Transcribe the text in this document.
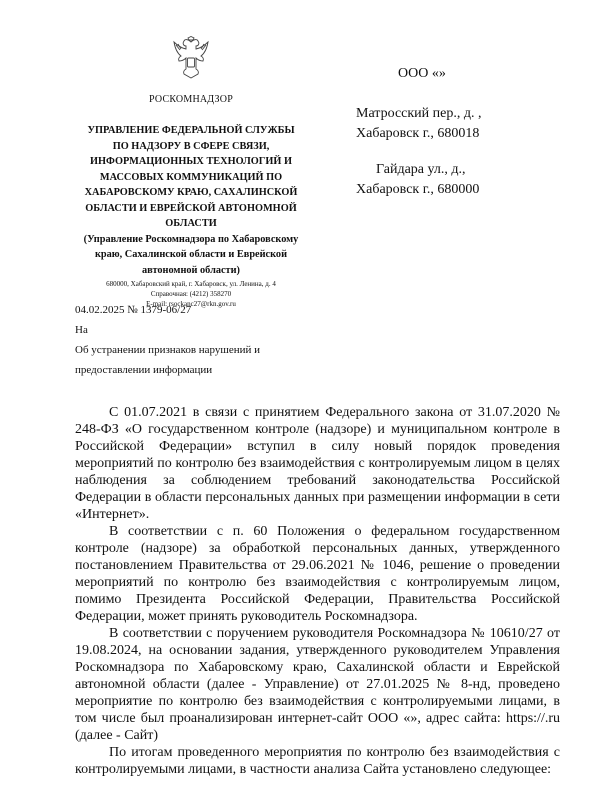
РОСКОМНАДЗОР
УПРАВЛЕНИЕ ФЕДЕРАЛЬНОЙ СЛУЖБЫ
ПО НАДЗОРУ В СФЕРЕ СВЯЗИ,
ИНФОРМАЦИОННЫХ ТЕХНОЛОГИЙ И
МАССОВЫХ КОММУНИКАЦИЙ ПО
ХАБАРОВСКОМУ КРАЮ, САХАЛИНСКОЙ
ОБЛАСТИ И ЕВРЕЙСКОЙ АВТОНОМНОЙ
ОБЛАСТИ
(Управление Роскомнадзора по Хабаровскому
краю, Сахалинской области и Еврейской
автономной области)
680000, Хабаровский край, г. Хабаровск, ул. Ленина, д. 4
Справочная: (4212) 358270
E-mail: rsockanc27@rkn.gov.ru
ООО «»
Матросский пер., д. ,
Хабаровск г., 680018
Гайдара ул., д.,
Хабаровск г., 680000
04.02.2025 № 1379-06/27
На
Об устранении признаков нарушений и
предоставлении информации

С 01.07.2021 в связи с принятием Федерального закона от 31.07.2020 № 248-ФЗ «О государственном контроле (надзоре) и муниципальном контроле в Российской Федерации» вступил в силу новый порядок проведения мероприятий по контролю без взаимодействия с контролируемым лицом в целях наблюдения за соблюдением требований законодательства Российской Федерации в области персональных данных при размещении информации в сети «Интернет».

В соответствии с п. 60 Положения о федеральном государственном контроле (надзоре) за обработкой персональных данных, утвержденного постановлением Правительства от 29.06.2021 № 1046, решение о проведении мероприятий по контролю без взаимодействия с контролируемым лицом, помимо Президента Российской Федерации, Правительства Российской Федерации, может принять руководитель Роскомнадзора.

В соответствии с поручением руководителя Роскомнадзора № 10610/27 от 19.08.2024, на основании задания, утвержденного руководителем Управления Роскомнадзора по Хабаровскому краю, Сахалинской области и Еврейской автономной области (далее - Управление) от 27.01.2025 № 8-нд, проведено мероприятие по контролю без взаимодействия с контролируемыми лицами, в том числе был проанализирован интернет-сайт ООО «», адрес сайта: https://.ru (далее - Сайт)

По итогам проведенного мероприятия по контролю без взаимодействия с контролируемыми лицами, в частности анализа Сайта установлено следующее:
